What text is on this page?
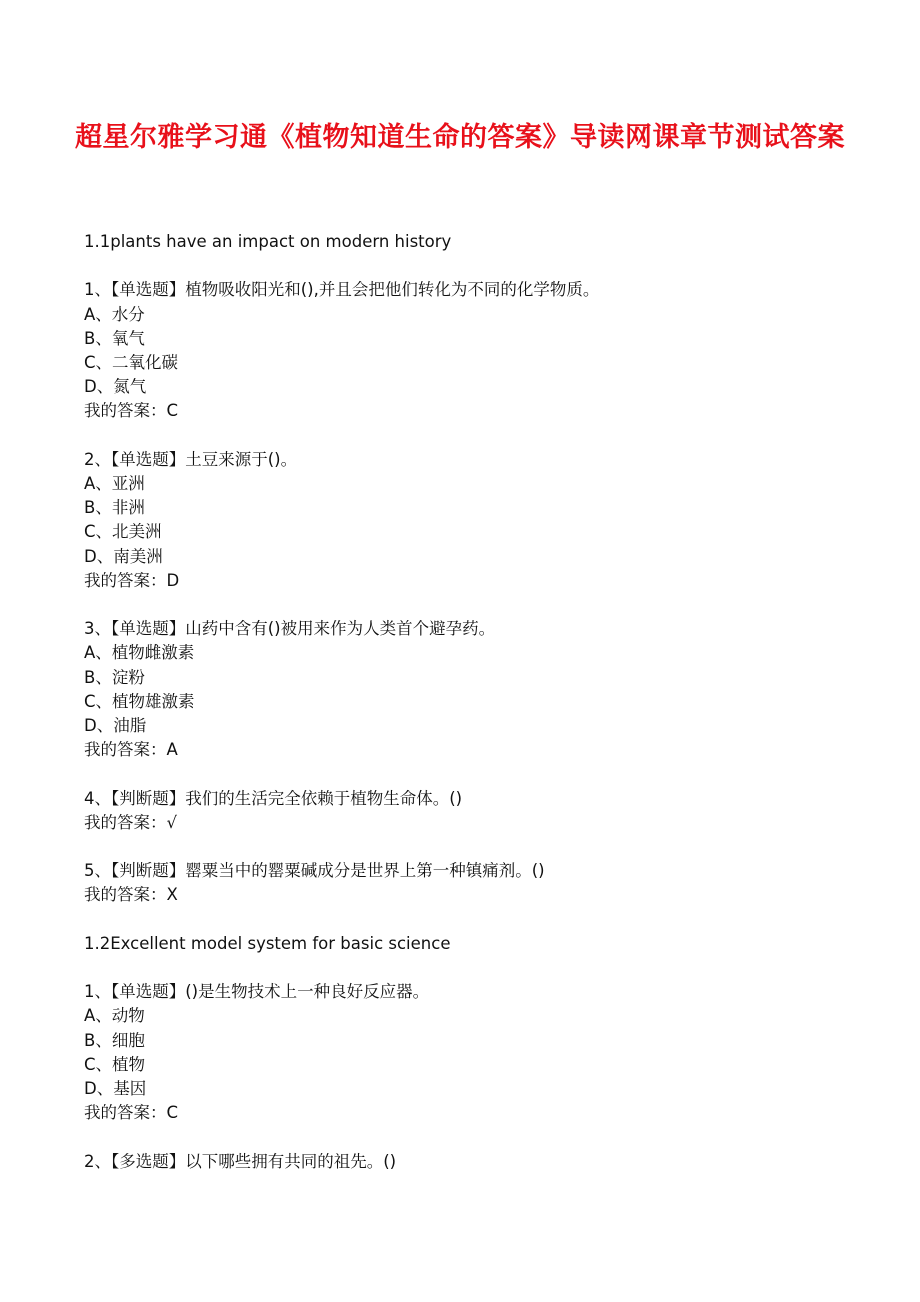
超星尔雅学习通《植物知道生命的答案》导读网课章节测试答案
1.1plants have an impact on modern history
1、【单选题】植物吸收阳光和(),并且会把他们转化为不同的化学物质。
A、水分
B、氧气
C、二氧化碳
D、氮气
我的答案：C
2、【单选题】土豆来源于()。
A、亚洲
B、非洲
C、北美洲
D、南美洲
我的答案：D
3、【单选题】山药中含有()被用来作为人类首个避孕药。
A、植物雌激素
B、淀粉
C、植物雄激素
D、油脂
我的答案：A
4、【判断题】我们的生活完全依赖于植物生命体。()
我的答案：√
5、【判断题】罂粟当中的罂粟碱成分是世界上第一种镇痛剂。()
我的答案：X
1.2Excellent model system for basic science
1、【单选题】()是生物技术上一种良好反应器。
A、动物
B、细胞
C、植物
D、基因
我的答案：C
2、【多选题】以下哪些拥有共同的祖先。()
